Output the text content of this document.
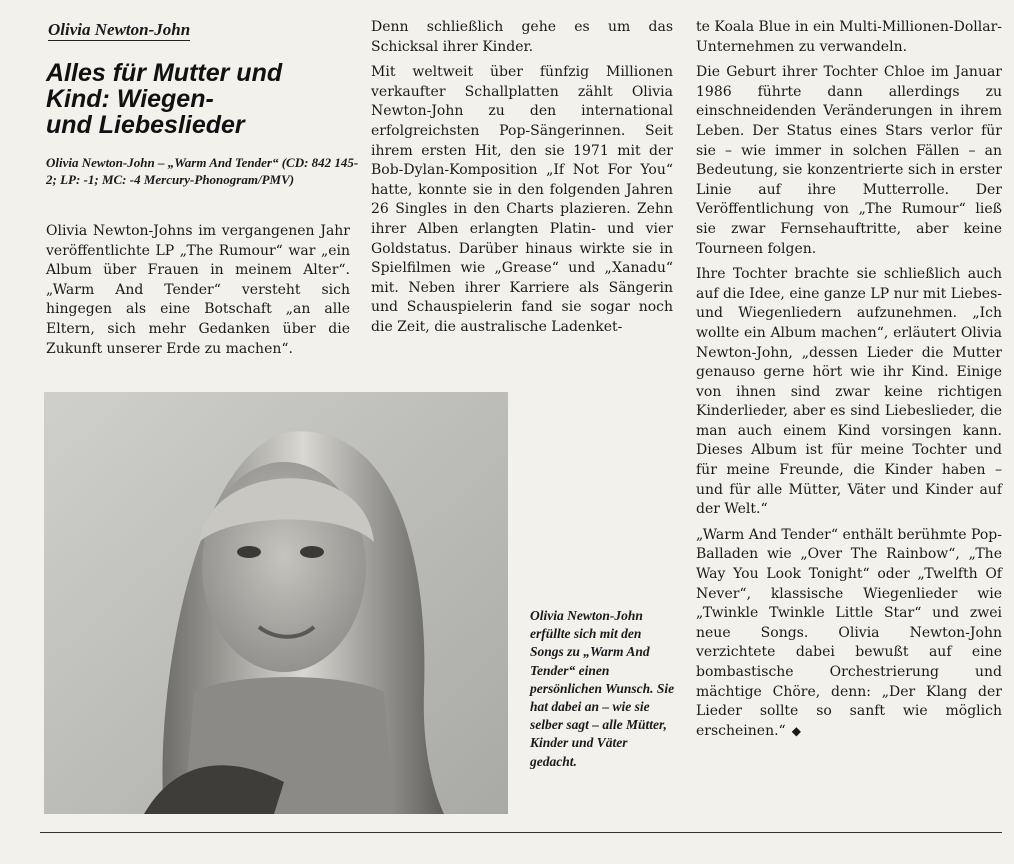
Olivia Newton-John
Alles für Mutter und
Kind: Wiegen-
und Liebeslieder
Olivia Newton-John – „Warm And Tender“ (CD: 842 145-2; LP: -1; MC: -4 Mercury-Phonogram/PMV)

Olivia Newton-Johns im vergangenen Jahr veröffentlichte LP „The Rumour“ war „ein Album über Frauen in meinem Alter“. „Warm And Tender“ versteht sich hingegen als eine Botschaft „an alle Eltern, sich mehr Gedanken über die Zukunft unserer Erde zu machen“.

Denn schließlich gehe es um das Schicksal ihrer Kinder.

Mit weltweit über fünfzig Millionen verkaufter Schallplatten zählt Olivia Newton-John zu den international erfolgreichsten Pop-Sängerinnen. Seit ihrem ersten Hit, den sie 1971 mit der Bob-Dylan-Komposition „If Not For You“ hatte, konnte sie in den folgenden Jahren 26 Singles in den Charts plazieren. Zehn ihrer Alben erlangten Platin- und vier Goldstatus. Darüber hinaus wirkte sie in Spielfilmen wie „Grease“ und „Xanadu“ mit. Neben ihrer Karriere als Sängerin und Schauspielerin fand sie sogar noch die Zeit, die australische Ladenket-

te Koala Blue in ein Multi-Millionen-Dollar-Unternehmen zu verwandeln.

Die Geburt ihrer Tochter Chloe im Januar 1986 führte dann allerdings zu einschneidenden Veränderungen in ihrem Leben. Der Status eines Stars verlor für sie – wie immer in solchen Fällen – an Bedeutung, sie konzentrierte sich in erster Linie auf ihre Mutterrolle. Der Veröffentlichung von „The Rumour“ ließ sie zwar Fernsehauftritte, aber keine Tourneen folgen.

Ihre Tochter brachte sie schließlich auch auf die Idee, eine ganze LP nur mit Liebes- und Wiegenliedern aufzunehmen. „Ich wollte ein Album machen“, erläutert Olivia Newton-John, „dessen Lieder die Mutter genauso gerne hört wie ihr Kind. Einige von ihnen sind zwar keine richtigen Kinderlieder, aber es sind Liebeslieder, die man auch einem Kind vorsingen kann. Dieses Album ist für meine Tochter und für meine Freunde, die Kinder haben – und für alle Mütter, Väter und Kinder auf der Welt.“

„Warm And Tender“ enthält berühmte Pop-Balladen wie „Over The Rainbow“, „The Way You Look Tonight“ oder „Twelfth Of Never“, klassische Wiegenlieder wie „Twinkle Twinkle Little Star“ und zwei neue Songs. Olivia Newton-John verzichtete dabei bewußt auf eine bombastische Orchestrierung und mächtige Chöre, denn: „Der Klang der Lieder sollte so sanft wie möglich erscheinen.“ ◆

Olivia Newton-John erfüllte sich mit den Songs zu „Warm And Tender“ einen persönlichen Wunsch. Sie hat dabei an – wie sie selber sagt – alle Mütter, Kinder und Väter gedacht.
